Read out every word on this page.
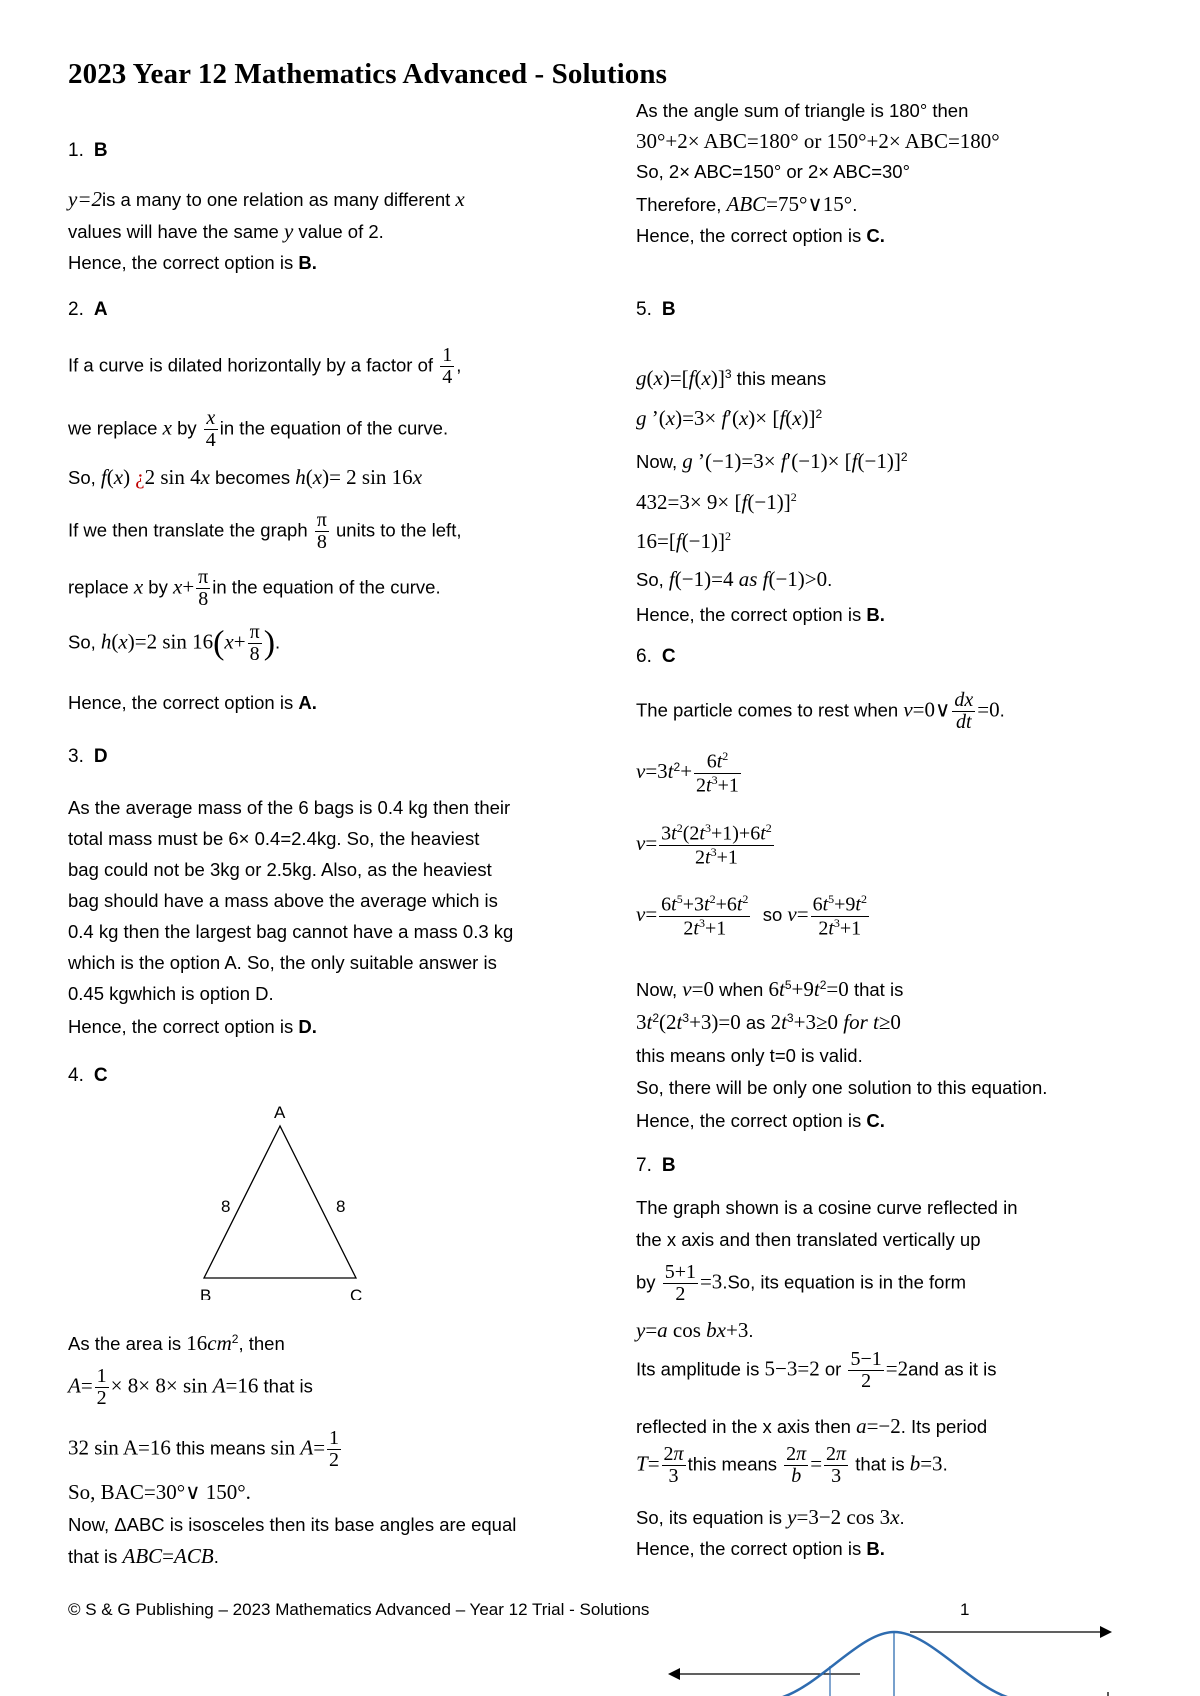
2023 Year 12 Mathematics Advanced - Solutions
1. B
y=2is a many to one relation as many different x
values will have the same y value of 2.
Hence, the correct option is B.
2. A
If a curve is dilated horizontally by a factor of $\frac{1}{4}$ ,
we replace x by $\frac{x}{4}$ in the equation of the curve.
So, f(x) ¿2 sin 4x becomes h(x)= 2 sin 16x
If we then translate the graph $\frac{\pi}{8}$ units to the left,
replace x by $x+ \frac{\pi}{8}$ in the equation of the curve.
So, h(x)=2 $\sin 16(x+ \frac{\pi}{8}$ ).
Hence, the correct option is A.
3. D
As the average mass of the 6 bags is 0.4 kg then their
total mass must be 6× 0.4=2.4kg. So, the heaviest
bag could not be 3kg or 2.5kg. Also, as the heaviest
bag should have a mass above the average which is
0.4 kg then the largest bag cannot have a mass 0.3 kg
which is the option A. So, the only suitable answer is
0.45 kgwhich is option D.
Hence, the correct option is D.
4. C
A
B	C
8	8
As the area is $16cm^2$, then
$A= \frac{1}{2} \times 8\times 8\times \sin A=16$ that is
32 sin A=16 this means $\sin A= \frac{1}{2}$
So, BAC=30°∨ 150°.
Now, ΔABC is isosceles then its base angles are equal
that is ABC=ACB.
As the angle sum of triangle is 180° then
30°+2× ABC=180° or 150°+2× ABC=180°
So, 2× ABC=150° or 2× ABC=30°
Therefore, ABC=75°∨15°.
Hence, the correct option is C.
5. B
$g(x)=[f(x)]^3$ this means
g ’(x)=3× $f'(x)\times [f(x)]^2$
Now, g ’(−1)=3× $f'(-1)\times [f(-1)]^2$
$432=3\times 9\times [f(-1)]^2$
$16=[f(-1)]^2$
So, f(−1)=4 as f(−1)>0.
Hence, the correct option is B.
6. C
The particle comes to rest when v=0∨ $\frac{dx}{dt} =0$.
$v=3t^2+ \frac{6t^2}{2t^3+1}$
$v= \frac{3t^2(2t^3+1)+6t^2}{2t^3+1}$
$v= \frac{6t^5+3t^2+6t^2}{2t^3+1}$ so $v= \frac{6t^5+9t^2}{2t^3+1}$
Now, v=0 when $6t^5+9t^2=0$ that is
$3t^2(2t^3+3)=0$ as $2t^3+3\ge 0$ for t≥0
this means only t=0 is valid.
So, there will be only one solution to this equation.
Hence, the correct option is C.
7. B
The graph shown is a cosine curve reflected in
the x axis and then translated vertically up
by $\frac{5+1}{2} =3.So$, its equation is in the form
y=a cos bx+3.
Its amplitude is 5−3=2 or $\frac{5-1}{2} =2and$ as it is
reflected in the x axis then a=−2. Its period
$T= \frac{2\pi}{3}$ this means $\frac{2\pi}{b} = \frac{2\pi}{3}$ that is b=3.
So, its equation is y=3−2 cos 3x.
Hence, the correct option is B.
© S & G Publishing – 2023 Mathematics Advanced – Year 12 Trial - Solutions	1
